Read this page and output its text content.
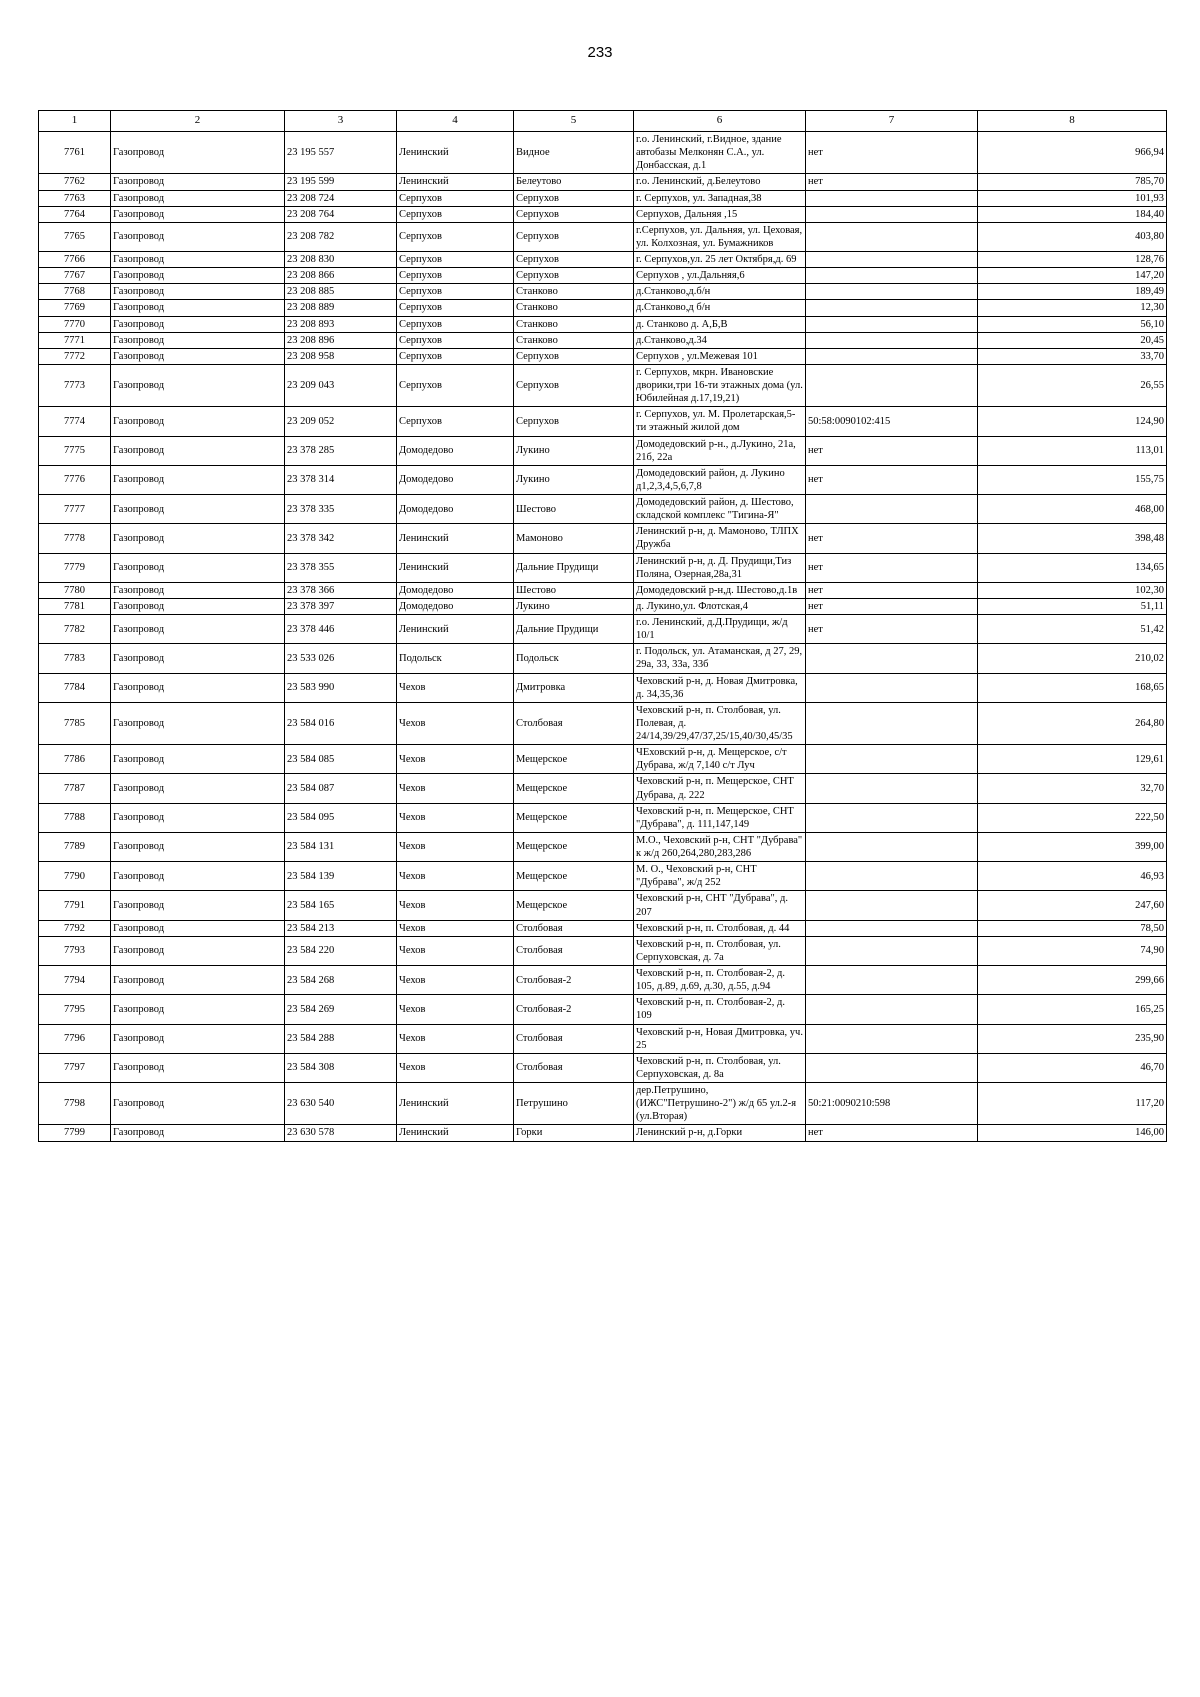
233
1	2	3	4	5	6	7	8
7761	Газопровод	23 195 557	Ленинский	Видное	г.о. Ленинский, г.Видное, здание автобазы Мелконян С.А., ул. Донбасская, д.1	нет	966,94
7762	Газопровод	23 195 599	Ленинский	Белеутово	г.о. Ленинский, д.Белеутово	нет	785,70
7763	Газопровод	23 208 724	Серпухов	Серпухов	г. Серпухов, ул. Западная,38		101,93
7764	Газопровод	23 208 764	Серпухов	Серпухов	Серпухов, Дальняя ,15		184,40
7765	Газопровод	23 208 782	Серпухов	Серпухов	г.Серпухов, ул. Дальняя, ул. Цеховая, ул. Колхозная, ул. Бумажников		403,80
7766	Газопровод	23 208 830	Серпухов	Серпухов	г. Серпухов,ул. 25 лет Октября,д. 69		128,76
7767	Газопровод	23 208 866	Серпухов	Серпухов	Серпухов , ул.Дальняя,6		147,20
7768	Газопровод	23 208 885	Серпухов	Станково	д.Станково,д.б/н		189,49
7769	Газопровод	23 208 889	Серпухов	Станково	д.Станково,д б/н		12,30
7770	Газопровод	23 208 893	Серпухов	Станково	д. Станково д. А,Б,В		56,10
7771	Газопровод	23 208 896	Серпухов	Станково	д.Станково,д.34		20,45
7772	Газопровод	23 208 958	Серпухов	Серпухов	Серпухов , ул.Межевая 101		33,70
7773	Газопровод	23 209 043	Серпухов	Серпухов	г. Серпухов, мкрн. Ивановские дворики,три 16-ти этажных дома (ул. Юбилейная д.17,19,21)		26,55
7774	Газопровод	23 209 052	Серпухов	Серпухов	г. Серпухов, ул. М. Пролетарская,5-ти этажный жилой дом	50:58:0090102:415	124,90
7775	Газопровод	23 378 285	Домодедово	Лукино	Домодедовский р-н., д.Лукино, 21а, 21б, 22а	нет	113,01
7776	Газопровод	23 378 314	Домодедово	Лукино	Домодедовский район, д. Лукино д1,2,3,4,5,6,7,8	нет	155,75
7777	Газопровод	23 378 335	Домодедово	Шестово	Домодедовский район, д. Шестово, складской комплекс "Тигина-Я"		468,00
7778	Газопровод	23 378 342	Ленинский	Мамоново	Ленинский р-н, д. Мамоново, ТЛПХ Дружба	нет	398,48
7779	Газопровод	23 378 355	Ленинский	Дальние Прудищи	Ленинский р-н, д. Д. Прудищи,Тиз Поляна, Озерная,28а,31	нет	134,65
7780	Газопровод	23 378 366	Домодедово	Шестово	Домодедовский р-н,д. Шестово,д.1в	нет	102,30
7781	Газопровод	23 378 397	Домодедово	Лукино	д. Лукино,ул. Флотская,4	нет	51,11
7782	Газопровод	23 378 446	Ленинский	Дальние Прудищи	г.о. Ленинский, д.Д.Прудищи, ж/д 10/1	нет	51,42
7783	Газопровод	23 533 026	Подольск	Подольск	г. Подольск, ул. Атаманская, д 27, 29, 29а, 33, 33а, 33б		210,02
7784	Газопровод	23 583 990	Чехов	Дмитровка	Чеховский р-н, д. Новая Дмитровка, д. 34,35,36		168,65
7785	Газопровод	23 584 016	Чехов	Столбовая	Чеховский р-н, п. Столбовая, ул. Полевая, д. 24/14,39/29,47/37,25/15,40/30,45/35		264,80
7786	Газопровод	23 584 085	Чехов	Мещерское	ЧЕховский р-н, д. Мещерское, с/т Дубрава, ж/д 7,140 с/т Луч		129,61
7787	Газопровод	23 584 087	Чехов	Мещерское	Чеховский р-н, п. Мещерское, СНТ Дубрава, д. 222		32,70
7788	Газопровод	23 584 095	Чехов	Мещерское	Чеховский р-н, п. Мещерское, СНТ "Дубрава", д. 111,147,149		222,50
7789	Газопровод	23 584 131	Чехов	Мещерское	М.О., Чеховский р-н, СНТ "Дубрава" к ж/д 260,264,280,283,286		399,00
7790	Газопровод	23 584 139	Чехов	Мещерское	М. О., Чеховский р-н, СНТ "Дубрава", ж/д 252		46,93
7791	Газопровод	23 584 165	Чехов	Мещерское	Чеховский р-н, СНТ "Дубрава", д. 207		247,60
7792	Газопровод	23 584 213	Чехов	Столбовая	Чеховский р-н, п. Столбовая, д. 44		78,50
7793	Газопровод	23 584 220	Чехов	Столбовая	Чеховский р-н, п. Столбовая, ул. Серпуховская, д. 7а		74,90
7794	Газопровод	23 584 268	Чехов	Столбовая-2	Чеховский р-н, п. Столбовая-2, д. 105, д.89, д.69, д.30, д.55, д.94		299,66
7795	Газопровод	23 584 269	Чехов	Столбовая-2	Чеховский р-н, п. Столбовая-2, д. 109		165,25
7796	Газопровод	23 584 288	Чехов	Столбовая	Чеховский р-н, Новая Дмитровка, уч. 25		235,90
7797	Газопровод	23 584 308	Чехов	Столбовая	Чеховский р-н, п. Столбовая, ул. Серпуховская, д. 8а		46,70
7798	Газопровод	23 630 540	Ленинский	Петрушино	дер.Петрушино, (ИЖС"Петрушино-2") ж/д 65 ул.2-я (ул.Вторая)	50:21:0090210:598	117,20
7799	Газопровод	23 630 578	Ленинский	Горки	Ленинский р-н, д.Горки	нет	146,00
